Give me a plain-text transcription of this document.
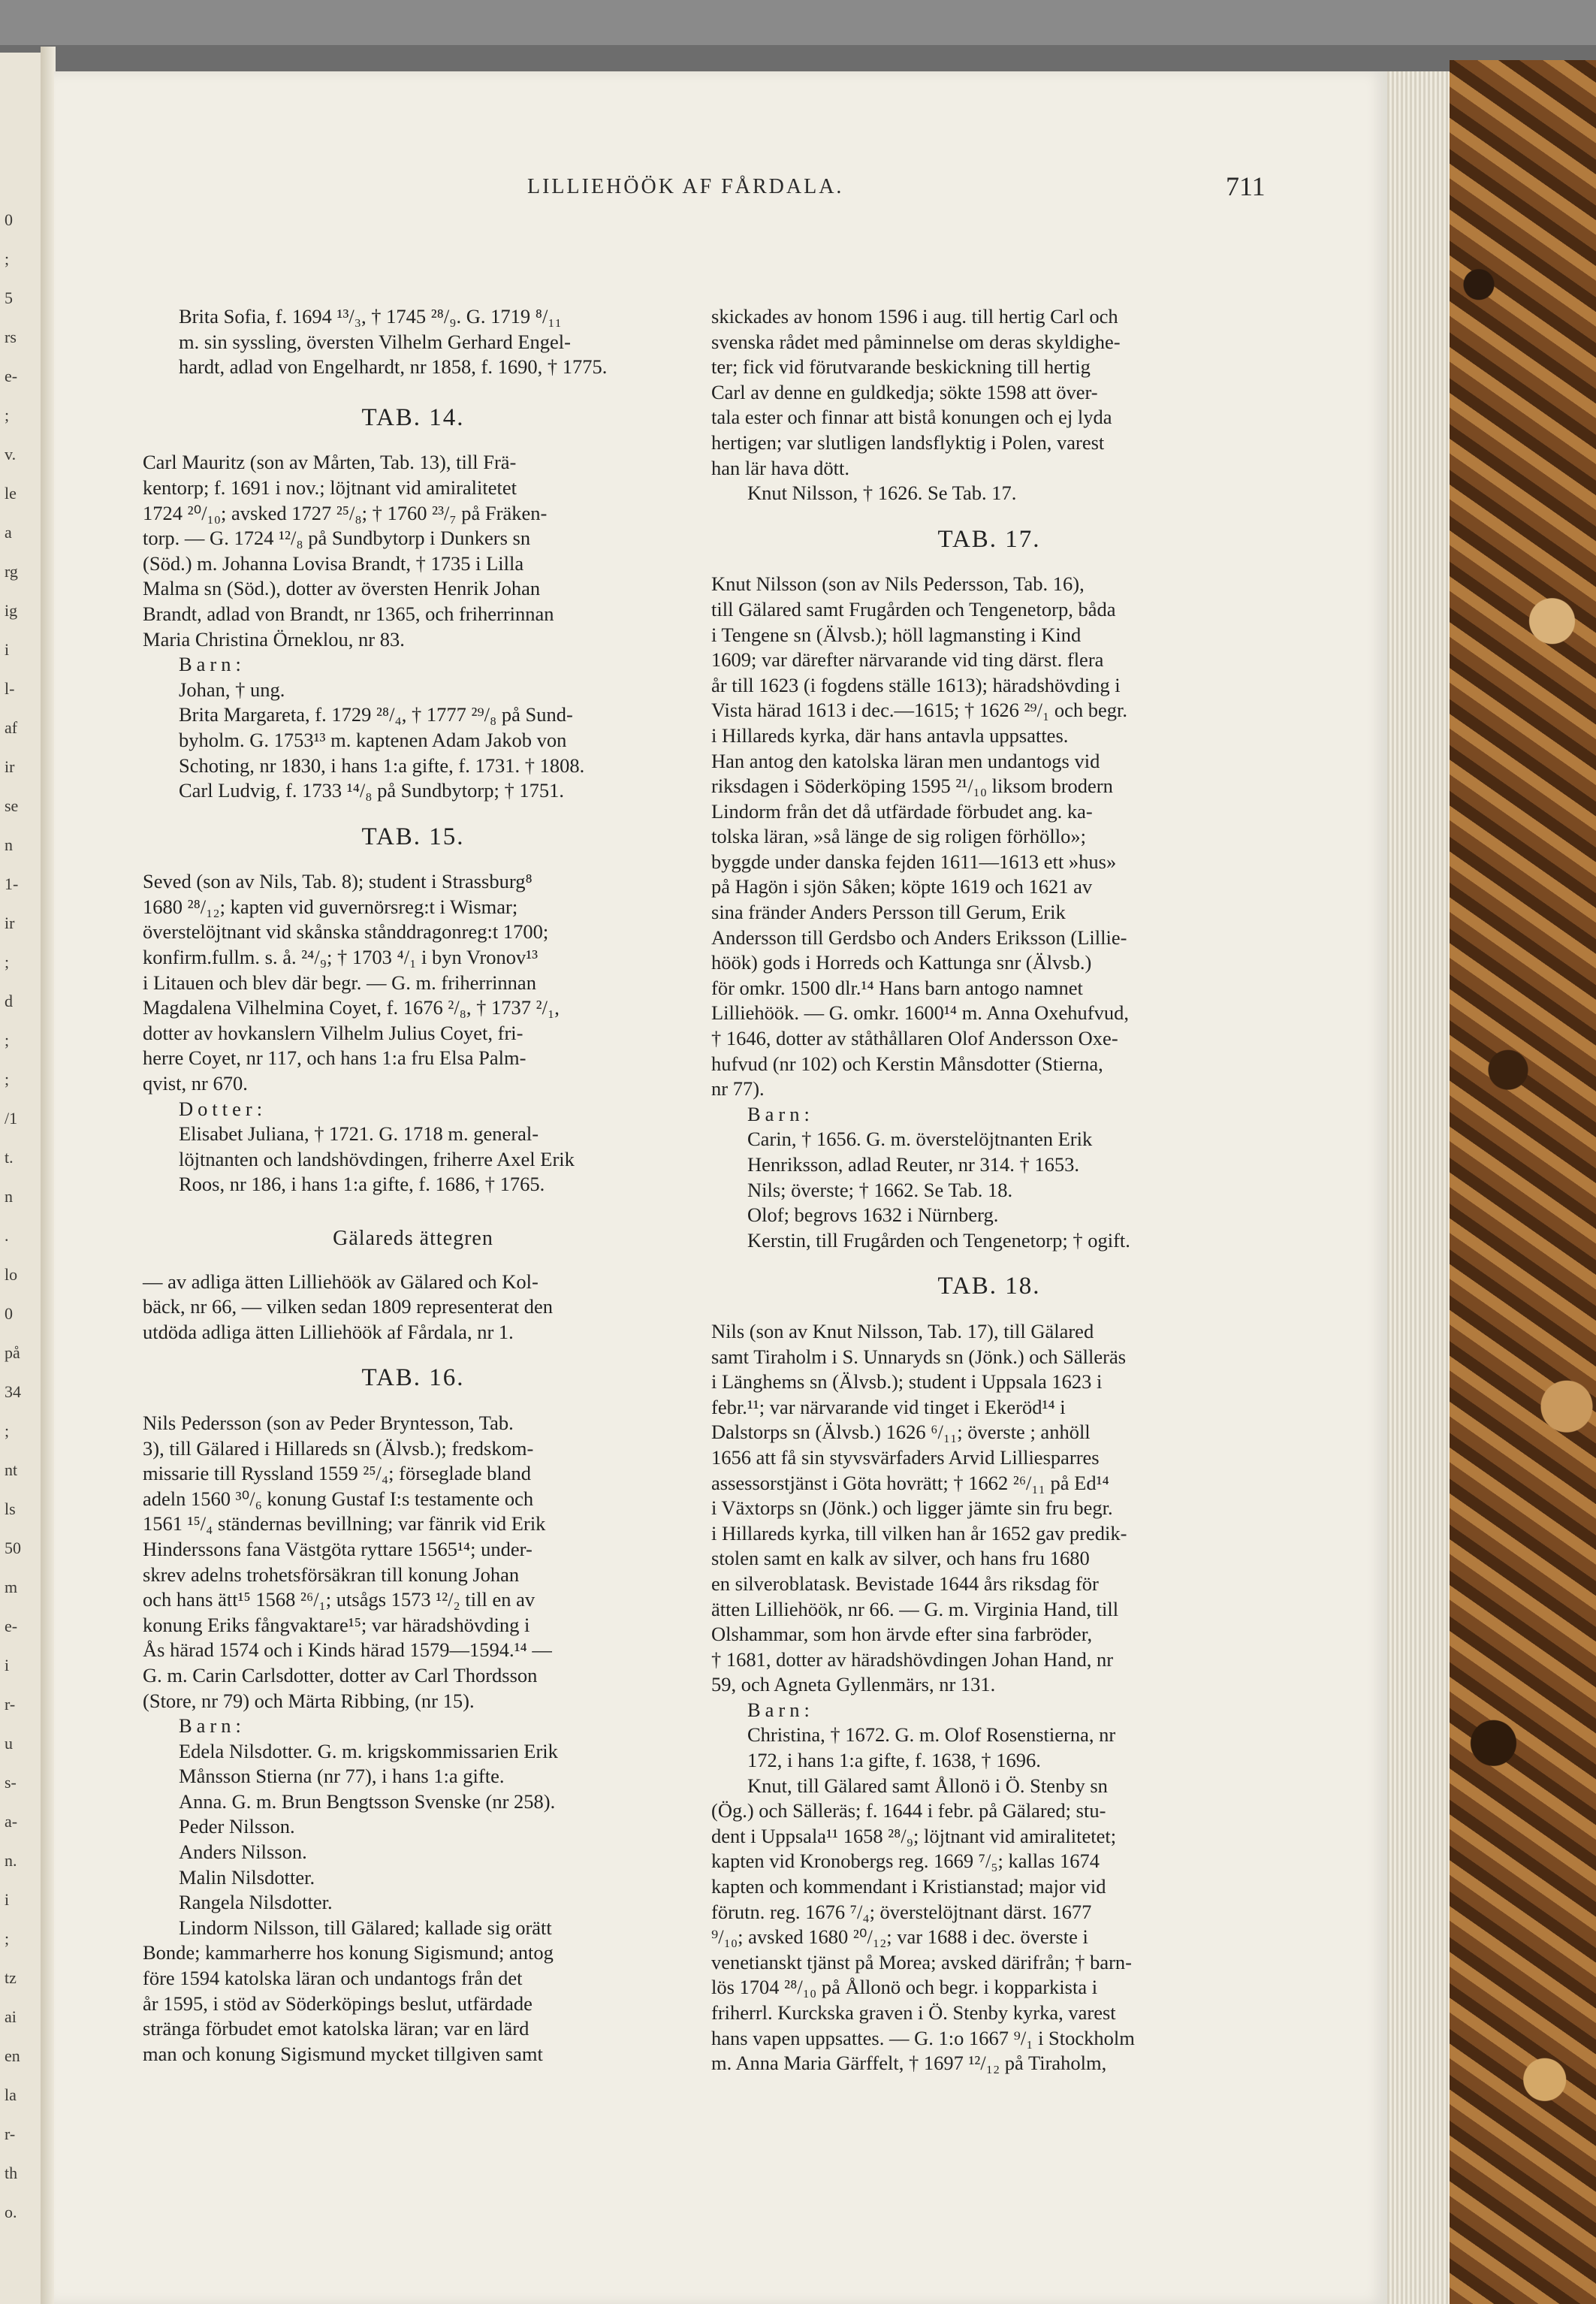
0
;
5
rs
e-
;
v.
le
a
rg
ig
i
l-
af
ir
se
n
1-
ir
;
d
;
;
/1
t.
n
.
lo
0
på
34
;
nt
ls
50
m
e-
i
r-
u
s-
a-
n.
i
;
tz
ai
en
la
r-
th
o.
LILLIEHÖÖK AF FÅRDALA.	711

Brita Sofia, f. 1694 ¹³/₃, † 1745 ²⁸/₉. G. 1719 ⁸/₁₁

m. sin syssling, översten Vilhelm Gerhard Engel-

hardt, adlad von Engelhardt, nr 1858, f. 1690, † 1775.

TAB. 14.

Carl Mauritz (son av Mårten, Tab. 13), till Frä-

kentorp; f. 1691 i nov.; löjtnant vid amiralitetet

1724 ²⁰/₁₀; avsked 1727 ²⁵/₈; † 1760 ²³/₇ på Fräken-

torp. — G. 1724 ¹²/₈ på Sundbytorp i Dunkers sn

(Söd.) m. Johanna Lovisa Brandt, † 1735 i Lilla

Malma sn (Söd.), dotter av översten Henrik Johan

Brandt, adlad von Brandt, nr 1365, och friherrinnan

Maria Christina Örneklou, nr 83.

Barn:

Johan, † ung.

Brita Margareta, f. 1729 ²⁸/₄, † 1777 ²⁹/₈ på Sund-

byholm. G. 1753¹³ m. kaptenen Adam Jakob von

Schoting, nr 1830, i hans 1:a gifte, f. 1731. † 1808.

Carl Ludvig, f. 1733 ¹⁴/₈ på Sundbytorp; † 1751.

TAB. 15.

Seved (son av Nils, Tab. 8); student i Strassburg⁸

1680 ²⁸/₁₂; kapten vid guvernörsreg:t i Wismar;

överstelöjtnant vid skånska stånddragonreg:t 1700;

konfirm.fullm. s. å. ²⁴/₉; † 1703 ⁴/₁ i byn Vronov¹³

i Litauen och blev där begr. — G. m. friherrinnan

Magdalena Vilhelmina Coyet, f. 1676 ²/₈, † 1737 ²/₁,

dotter av hovkanslern Vilhelm Julius Coyet, fri-

herre Coyet, nr 117, och hans 1:a fru Elsa Palm-

qvist, nr 670.

Dotter:

Elisabet Juliana, † 1721. G. 1718 m. general-

löjtnanten och landshövdingen, friherre Axel Erik

Roos, nr 186, i hans 1:a gifte, f. 1686, † 1765.

Gälareds ättegren

— av adliga ätten Lilliehöök av Gälared och Kol-

bäck, nr 66, — vilken sedan 1809 representerat den

utdöda adliga ätten Lilliehöök af Fårdala, nr 1.

TAB. 16.

Nils Pedersson (son av Peder Bryntesson, Tab.

3), till Gälared i Hillareds sn (Älvsb.); fredskom-

missarie till Ryssland 1559 ²⁵/₄; förseglade bland

adeln 1560 ³⁰/₆ konung Gustaf I:s testamente och

1561 ¹⁵/₄ ständernas bevillning; var fänrik vid Erik

Hinderssons fana Västgöta ryttare 1565¹⁴; under-

skrev adelns trohetsförsäkran till konung Johan

och hans ätt¹⁵ 1568 ²⁶/₁; utsågs 1573 ¹²/₂ till en av

konung Eriks fångvaktare¹⁵; var häradshövding i

Ås härad 1574 och i Kinds härad 1579—1594.¹⁴ —

G. m. Carin Carlsdotter, dotter av Carl Thordsson

(Store, nr 79) och Märta Ribbing, (nr 15).

Barn:

Edela Nilsdotter. G. m. krigskommissarien Erik

Månsson Stierna (nr 77), i hans 1:a gifte.

Anna. G. m. Brun Bengtsson Svenske (nr 258).

Peder Nilsson.

Anders Nilsson.

Malin Nilsdotter.

Rangela Nilsdotter.

Lindorm Nilsson, till Gälared; kallade sig orätt

Bonde; kammarherre hos konung Sigismund; antog

före 1594 katolska läran och undantogs från det

år 1595, i stöd av Söderköpings beslut, utfärdade

stränga förbudet emot katolska läran; var en lärd

man och konung Sigismund mycket tillgiven samt

skickades av honom 1596 i aug. till hertig Carl och

svenska rådet med påminnelse om deras skyldighe-

ter; fick vid förutvarande beskickning till hertig

Carl av denne en guldkedja; sökte 1598 att över-

tala ester och finnar att bistå konungen och ej lyda

hertigen; var slutligen landsflyktig i Polen, varest

han lär hava dött.

Knut Nilsson, † 1626. Se Tab. 17.

TAB. 17.

Knut Nilsson (son av Nils Pedersson, Tab. 16),

till Gälared samt Frugården och Tengenetorp, båda

i Tengene sn (Älvsb.); höll lagmansting i Kind

1609; var därefter närvarande vid ting därst. flera

år till 1623 (i fogdens ställe 1613); häradshövding i

Vista härad 1613 i dec.—1615; † 1626 ²⁹/₁ och begr.

i Hillareds kyrka, där hans antavla uppsattes.

Han antog den katolska läran men undantogs vid

riksdagen i Söderköping 1595 ²¹/₁₀ liksom brodern

Lindorm från det då utfärdade förbudet ang. ka-

tolska läran, »så länge de sig roligen förhöllo»;

byggde under danska fejden 1611—1613 ett »hus»

på Hagön i sjön Såken; köpte 1619 och 1621 av

sina fränder Anders Persson till Gerum, Erik

Andersson till Gerdsbo och Anders Eriksson (Lillie-

höök) gods i Horreds och Kattunga snr (Älvsb.)

för omkr. 1500 dlr.¹⁴ Hans barn antogo namnet

Lilliehöök. — G. omkr. 1600¹⁴ m. Anna Oxehufvud,

† 1646, dotter av ståthållaren Olof Andersson Oxe-

hufvud (nr 102) och Kerstin Månsdotter (Stierna,

nr 77).

Barn:

Carin, † 1656. G. m. överstelöjtnanten Erik

Henriksson, adlad Reuter, nr 314. † 1653.

Nils; överste; † 1662. Se Tab. 18.

Olof; begrovs 1632 i Nürnberg.

Kerstin, till Frugården och Tengenetorp; † ogift.

TAB. 18.

Nils (son av Knut Nilsson, Tab. 17), till Gälared

samt Tiraholm i S. Unnaryds sn (Jönk.) och Sälleräs

i Länghems sn (Älvsb.); student i Uppsala 1623 i

febr.¹¹; var närvarande vid tinget i Ekeröd¹⁴ i

Dalstorps sn (Älvsb.) 1626 ⁶/₁₁; överste ; anhöll

1656 att få sin styvsvärfaders Arvid Lilliesparres

assessorstjänst i Göta hovrätt; † 1662 ²⁶/₁₁ på Ed¹⁴

i Växtorps sn (Jönk.) och ligger jämte sin fru begr.

i Hillareds kyrka, till vilken han år 1652 gav predik-

stolen samt en kalk av silver, och hans fru 1680

en silveroblatask. Bevistade 1644 års riksdag för

ätten Lilliehöök, nr 66. — G. m. Virginia Hand, till

Olshammar, som hon ärvde efter sina farbröder,

† 1681, dotter av häradshövdingen Johan Hand, nr

59, och Agneta Gyllenmärs, nr 131.

Barn:

Christina, † 1672. G. m. Olof Rosenstierna, nr

172, i hans 1:a gifte, f. 1638, † 1696.

Knut, till Gälared samt Ållonö i Ö. Stenby sn

(Ög.) och Sälleräs; f. 1644 i febr. på Gälared; stu-

dent i Uppsala¹¹ 1658 ²⁸/₉; löjtnant vid amiralitetet;

kapten vid Kronobergs reg. 1669 ⁷/₅; kallas 1674

kapten och kommendant i Kristianstad; major vid

förutn. reg. 1676 ⁷/₄; överstelöjtnant därst. 1677

⁹/₁₀; avsked 1680 ²⁰/₁₂; var 1688 i dec. överste i

venetianskt tjänst på Morea; avsked därifrån; † barn-

lös 1704 ²⁸/₁₀ på Ållonö och begr. i kopparkista i

friherrl. Kurckska graven i Ö. Stenby kyrka, varest

hans vapen uppsattes. — G. 1:o 1667 ⁹/₁ i Stockholm

m. Anna Maria Gärffelt, † 1697 ¹²/₁₂ på Tiraholm,
